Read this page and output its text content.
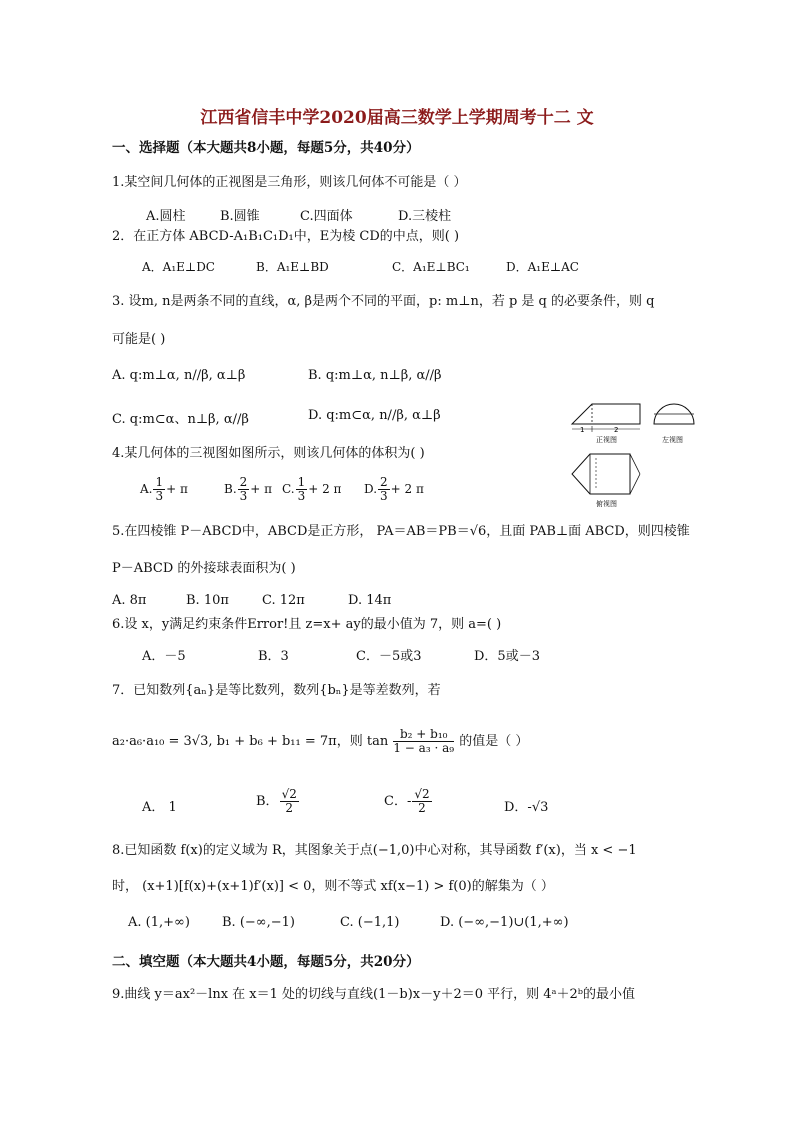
江西省信丰中学2020届高三数学上学期周考十二 文
一、选择题（本大题共8小题，每题5分，共40分）
1.某空间几何体的正视图是三角形，则该几何体不可能是（ ）
A.圆柱	B.圆锥	C.四面体	D.三棱柱
2．在正方体 ABCD-A₁B₁C₁D₁中，E为棱 CD的中点，则( )
A．A₁E⊥DC	B．A₁E⊥BD	C．A₁E⊥BC₁	D．A₁E⊥AC
3. 设m, n是两条不同的直线，α, β是两个不同的平面，p: m⊥n，若 p 是 q 的必要条件，则 q
可能是( )
A. q:m⊥α, n//β, α⊥β	B. q:m⊥α, n⊥β, α//β
C. q:m⊂α、n⊥β, α//β	D. q:m⊂α, n//β, α⊥β
1	2
正视图	左视图
俯视图
4.某几何体的三视图如图所示，则该几何体的体积为( )
A. $\frac{1}{3} + \pi$	B. $\frac{2}{3} + \pi$ C. $\frac{1}{3} + 2$ π D. $\frac{2}{3} + 2$ π
5.在四棱锥 P－ABCD中，ABCD是正方形， PA＝AB＝PB＝√6，且面 PAB⊥面 ABCD，则四棱锥
P－ABCD 的外接球表面积为( )
A. 8π	B. 10π	C. 12π	D. 14π
6.设 x，y满足约束条件Error!且 z=x+ ay的最小值为 7，则 a=( )
A．－5	B．3	C．－5或3	D．5或－3
7．已知数列{aₙ}是等比数列，数列{bₙ}是等差数列，若
a₂·a₆·a₁₀ = 3√3, b₁ + b₆ + b₁₁ = 7π，则 $\tan \frac{\text{b₂ + b₁₀}}{\text{1 − a₃ · a₉}}$ 的值是（ ）
A． 1	B． $\frac{√2}{2}$	C．- $\frac{√2}{2}$	D．-√3
8.已知函数 f(x)的定义域为 R，其图象关于点(−1,0)中心对称，其导函数 f′(x)，当 x < −1
时， (x+1)[f(x)+(x+1)f′(x)] < 0，则不等式 xf(x−1) > f(0)的解集为（ ）
A. (1,+∞) B. (−∞,−1)	C. (−1,1)	D. (−∞,−1)∪(1,+∞)
二、填空题（本大题共4小题，每题5分，共20分）
9.曲线 y＝ax²－lnx 在 x＝1 处的切线与直线(1－b)x－y＋2＝0 平行，则 4ᵃ＋2ᵇ的最小值
